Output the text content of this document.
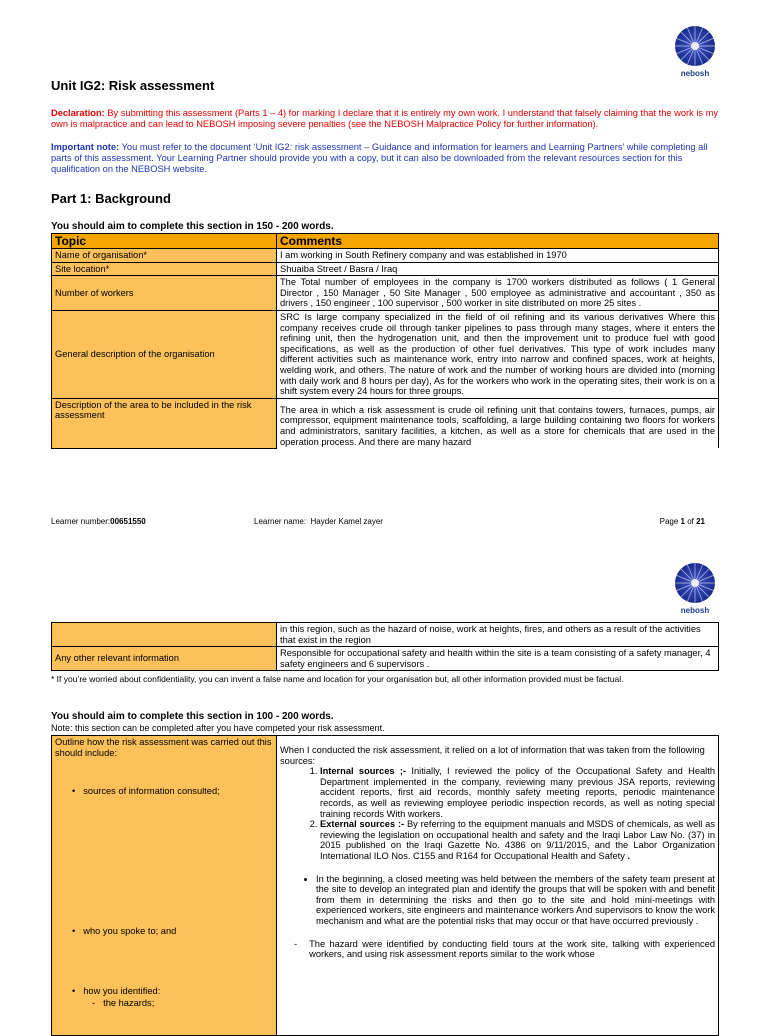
nebosh
Unit IG2: Risk assessment
Declaration: By submitting this assessment (Parts 1 – 4) for marking I declare that it is entirely my own work. I understand that falsely claiming that the work is my own is malpractice and can lead to NEBOSH imposing severe penalties (see the NEBOSH Malpractice Policy for further information).
Important note: You must refer to the document ‘Unit IG2: risk assessment – Guidance and information for learners and Learning Partners’ while completing all parts of this assessment. Your Learning Partner should provide you with a copy, but it can also be downloaded from the relevant resources section for this qualification on the NEBOSH website.
Part 1: Background
You should aim to complete this section in 150 - 200 words.
Topic	Comments
Name of organisation*	I am working in South Refinery company and was established in 1970
Site location*	Shuaiba Street / Basra / Iraq
Number of workers	The Total number of employees in the company is 1700 workers distributed as follows ( 1 General Director , 150 Manager , 50 Site Manager , 500 employee as administrative and accountant , 350 as drivers , 150 engineer , 100 supervisor , 500 worker in site distributed on more 25 sites .
General description of the organisation	SRC Is large company specialized in the field of oil refining and its various derivatives Where this company receives crude oil through tanker pipelines to pass through many stages, where it enters the refining unit, then the hydrogenation unit, and then the improvement unit to produce fuel with good specifications, as well as the production of other fuel derivatives. This type of work includes many different activities such as maintenance work, entry into narrow and confined spaces, work at heights, welding work, and others. The nature of work and the number of working hours are divided into (morning with daily work and 8 hours per day), As for the workers who work in the operating sites, their work is on a shift system every 24 hours for three groups.
Description of the area to be included in the risk assessment	The area in which a risk assessment is crude oil refining unit that contains towers, furnaces, pumps, air compressor, equipment maintenance tools, scaffolding, a large building containing two floors for workers and administrators, sanitary facilities, a kitchen, as well as a store for chemicals that are used in the operation process. And there are many hazard
Learner number:00651550	Learner name:  Hayder Kamel zayer	Page 1 of 21
nebosh
	in this region, such as the hazard of noise, work at heights, fires, and others as a result of the activities that exist in the region
Any other relevant information	Responsible for occupational safety and health within the site is a team consisting of a safety manager, 4 safety engineers and 6 supervisors .
* If you’re worried about confidentiality, you can invent a false name and location for your organisation but, all other information provided must be factual.
You should aim to complete this section in 100 - 200 words.
Note: this section can be completed after you have competed your risk assessment.
Outline how the risk assessment was carried out this should include:
• sources of information consulted;
• who you spoke to; and
• how you identified:
- the hazards;

When I conducted the risk assessment, it relied on a lot of information that was taken from the following sources:
1. Internal sources ;- Initially, I reviewed the policy of the Occupational Safety and Health Department implemented in the company, reviewing many previous JSA reports, reviewing accident reports, first aid records, monthly safety meeting reports, periodic maintenance records, as well as reviewing employee periodic inspection records, as well as noting special training records With workers.
2. External sources :- By referring to the equipment manuals and MSDS of chemicals, as well as reviewing the legislation on occupational health and safety and the Iraqi Labor Law No. (37) in 2015 published on the Iraqi Gazette No. 4386 on 9/11/2015, and the Labor Organization International ILO Nos. C155 and R164 for Occupational Health and Safety .
• In the beginning, a closed meeting was held between the members of the safety team present at the site to develop an integrated plan and identify the groups that will be spoken with and benefit from them in determining the risks and then go to the site and hold mini-meetings with experienced workers, site engineers and maintenance workers And supervisors to know the work mechanism and what are the potential risks that may occur or that have occurred previously .
- The hazard were identified by conducting field tours at the work site, talking with experienced workers, and using risk assessment reports similar to the work whose
